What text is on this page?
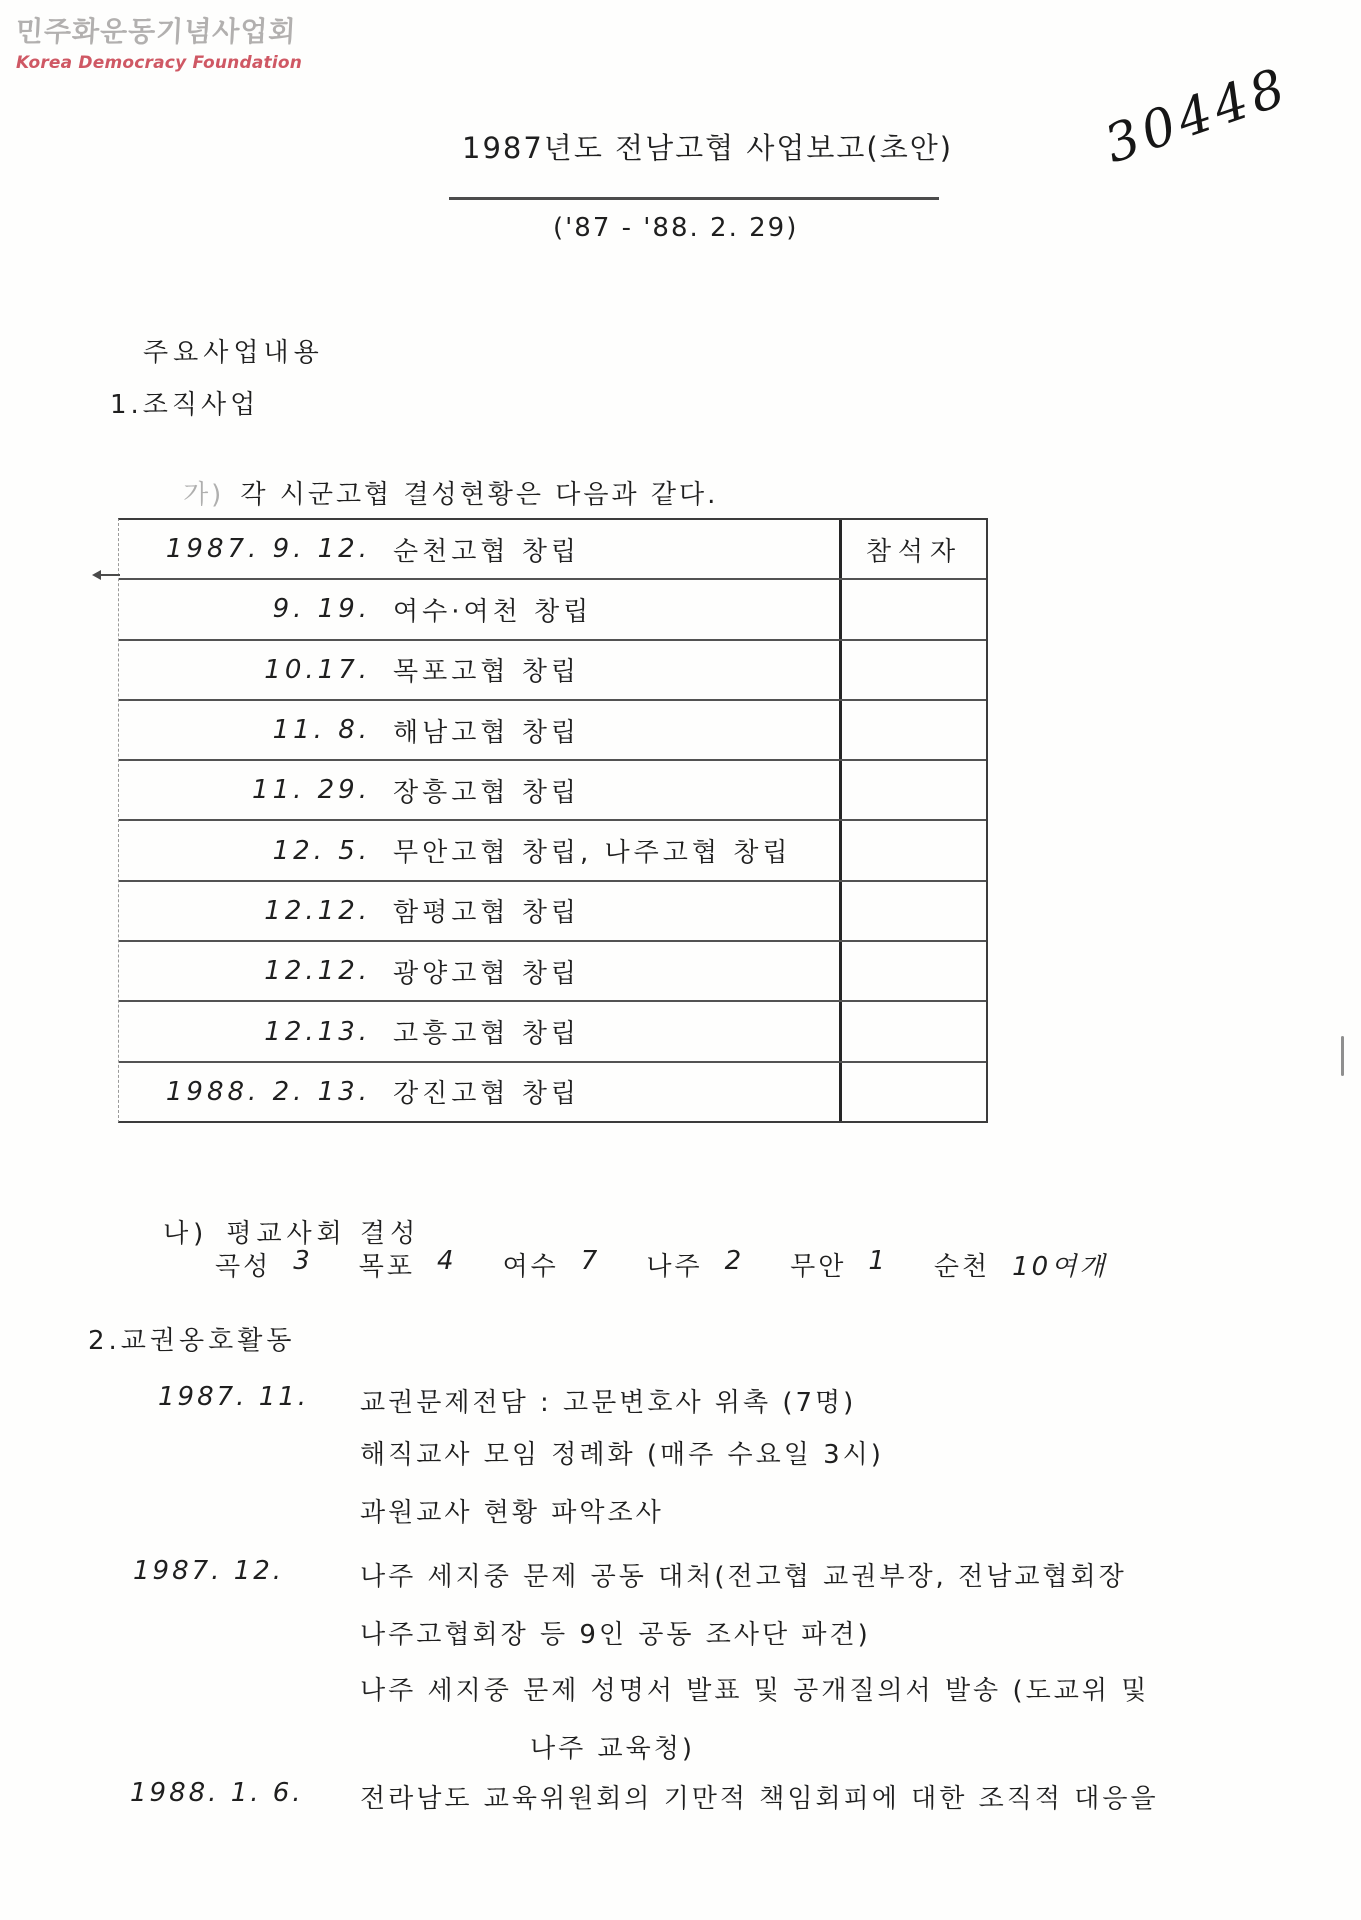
민주화운동기념사업회
Korea Democracy Foundation	30448
1987년도 전남고협 사업보고(초안)
('87 - '88. 2. 29)
주요사업내용
1.조직사업

가) 각 시군고협 결성현황은 다음과 같다.

1987. 9. 12. 순천고협 창립	참석자
9. 19. 여수·여천 창립
10.17. 목포고협 창립
11. 8. 해남고협 창립
11. 29. 장흥고협 창립
12. 5. 무안고협 창립, 나주고협 창립
12.12. 함평고협 창립
12.12. 광양고협 창립
12.13. 고흥고협 창립
1988. 2. 13. 강진고협 창립

나) 평교사회 결성

곡성 3 목포 4 여수 7 나주 2 무안 1 순천 10여개
2.교권옹호활동
1987. 11. 교권문제전담 : 고문변호사 위촉 (7명)
해직교사 모임 정례화 (매주 수요일 3시)
과원교사 현황 파악조사
1987. 12.	나주 세지중 문제 공동 대처(전고협 교권부장, 전남교협회장
나주고협회장 등 9인 공동 조사단 파견)
나주 세지중 문제 성명서 발표 및 공개질의서 발송 (도교위 및
나주 교육청)
1988. 1. 6. 전라남도 교육위원회의 기만적 책임회피에 대한 조직적 대응을
